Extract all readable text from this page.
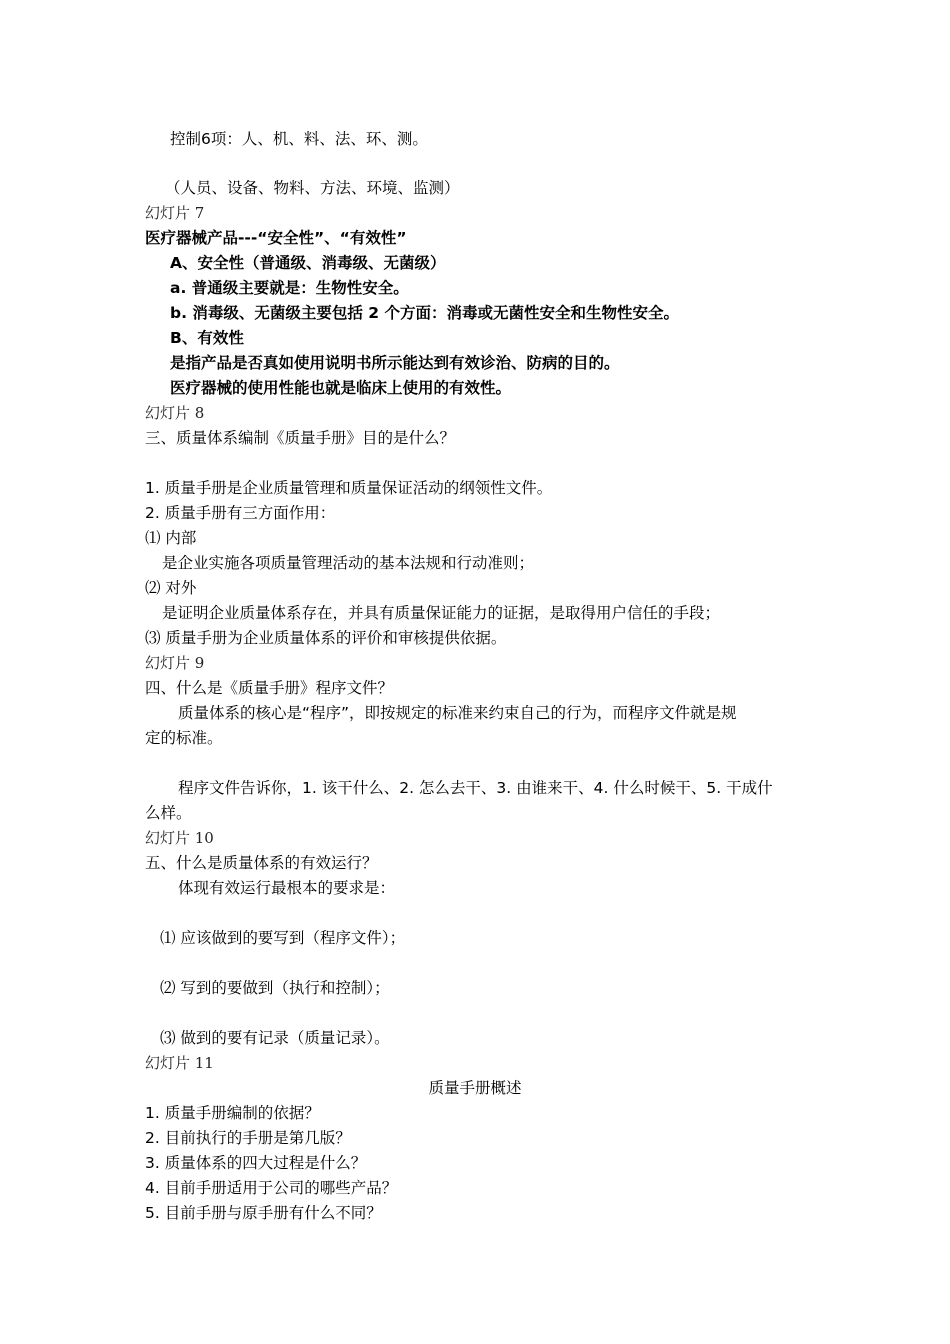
控制6项：人、机、料、法、环、测。
（人员、设备、物料、方法、环境、监测）
幻灯片 7
医疗器械产品---“安全性”、“有效性”
A、安全性（普通级、消毒级、无菌级）
a. 普通级主要就是：生物性安全。
b. 消毒级、无菌级主要包括 2 个方面：消毒或无菌性安全和生物性安全。
B、有效性
是指产品是否真如使用说明书所示能达到有效诊治、防病的目的。
医疗器械的使用性能也就是临床上使用的有效性。
幻灯片 8
三、质量体系编制《质量手册》目的是什么？
1. 质量手册是企业质量管理和质量保证活动的纲领性文件。
2. 质量手册有三方面作用：
⑴ 内部
是企业实施各项质量管理活动的基本法规和行动准则；
⑵ 对外
是证明企业质量体系存在，并具有质量保证能力的证据，是取得用户信任的手段；
⑶ 质量手册为企业质量体系的评价和审核提供依据。
幻灯片 9
四、什么是《质量手册》程序文件？
质量体系的核心是“程序”，即按规定的标准来约束自己的行为，而程序文件就是规
定的标准。
程序文件告诉你，1. 该干什么、2. 怎么去干、3. 由谁来干、4. 什么时候干、5. 干成什
么样。
幻灯片 10
五、什么是质量体系的有效运行？
体现有效运行最根本的要求是：
⑴ 应该做到的要写到（程序文件）；
⑵ 写到的要做到（执行和控制）；
⑶ 做到的要有记录（质量记录）。
幻灯片 11
质量手册概述
1. 质量手册编制的依据？
2. 目前执行的手册是第几版？
3. 质量体系的四大过程是什么？
4. 目前手册适用于公司的哪些产品？
5. 目前手册与原手册有什么不同？
